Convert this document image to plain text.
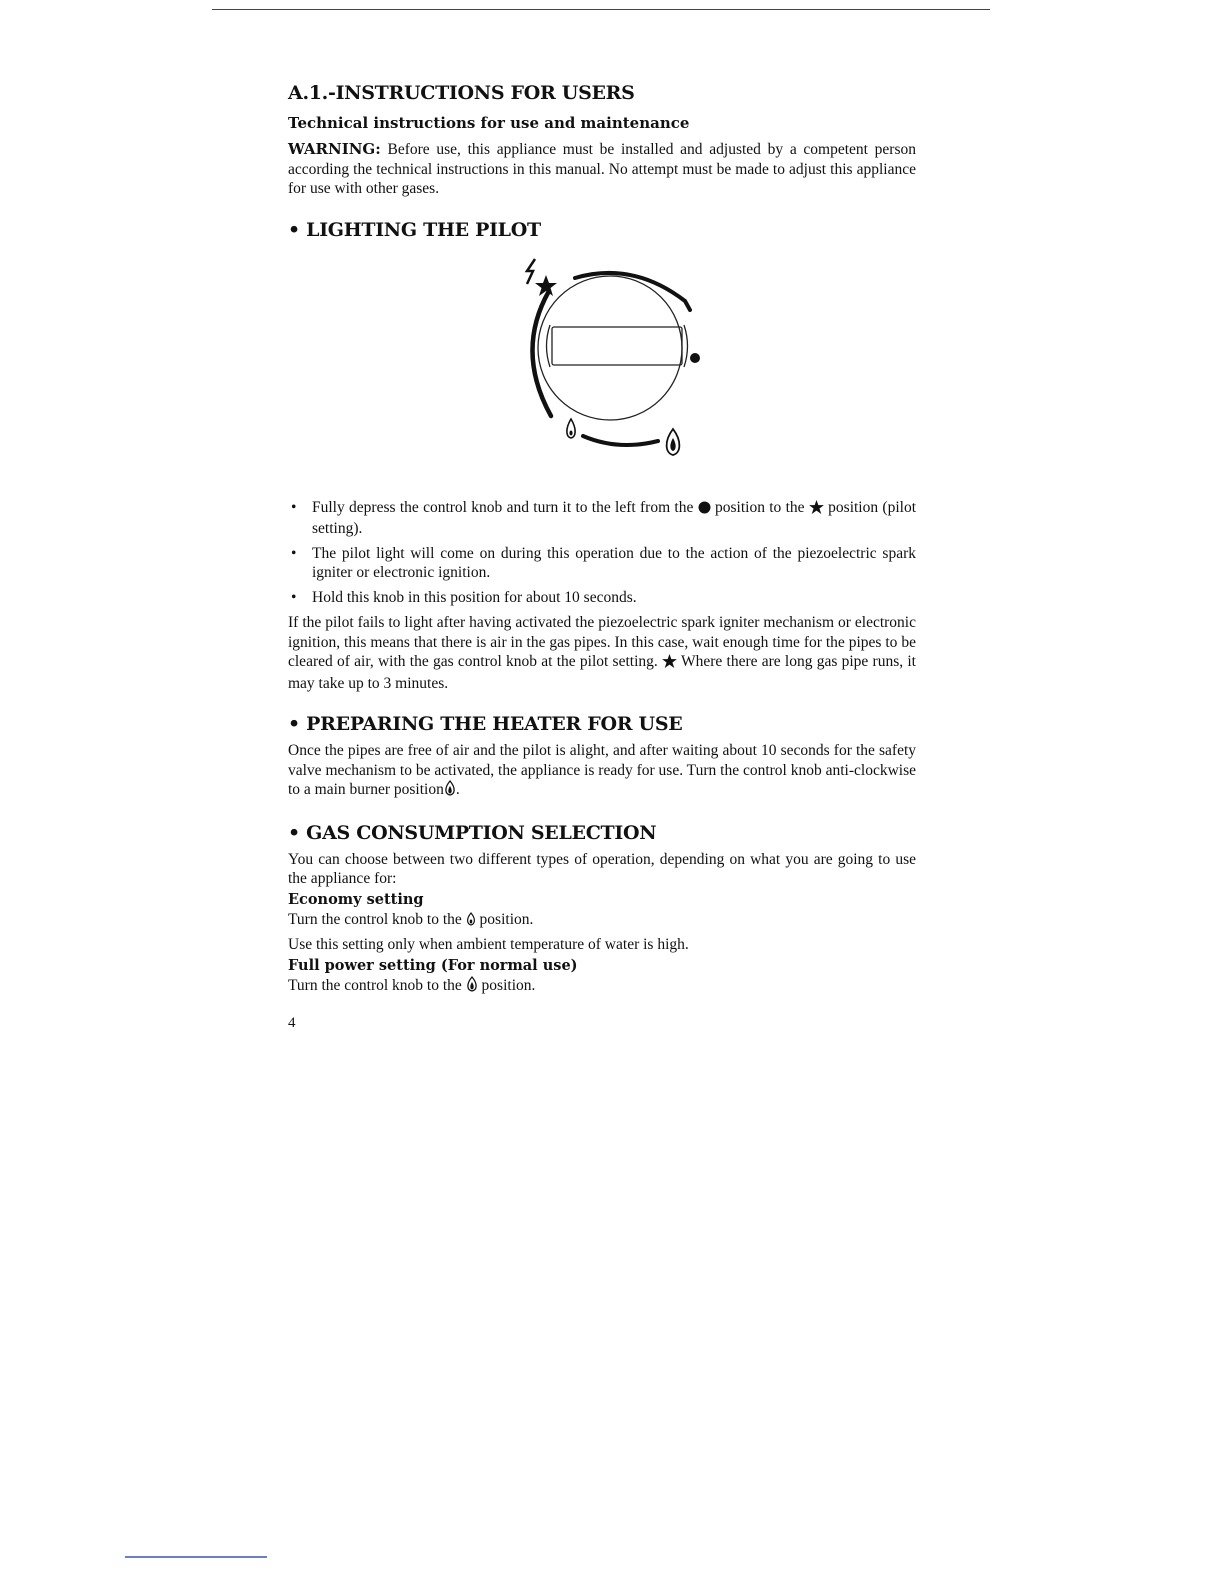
A.1.-INSTRUCTIONS FOR USERS
Technical instructions for use and maintenance

WARNING: Before use, this appliance must be installed and adjusted by a competent person according the technical instructions in this manual. No attempt must be made to adjust this appliance for use with other gases.

• LIGHTING THE PILOT
• Fully depress the control knob and turn it to the left from the  position to the  position (pilot setting).
• The pilot light will come on during this operation due to the action of the piezoelectric spark igniter or electronic ignition.
• Hold this knob in this position for about 10 seconds.

If the pilot fails to light after having activated the piezoelectric spark igniter mechanism or electronic ignition, this means that there is air in the gas pipes. In this case, wait enough time for the pipes to be cleared of air, with the gas control knob at the pilot setting.  Where there are long gas pipe runs, it may take up to 3 minutes.

• PREPARING THE HEATER FOR USE

Once the pipes are free of air and the pilot is alight, and after waiting about 10 seconds for the safety valve mechanism to be activated, the appliance is ready for use. Turn the control knob anti-clockwise to a main burner position .

• GAS CONSUMPTION SELECTION

You can choose between two different types of operation, depending on what you are going to use the appliance for:

Economy setting

Turn the control knob to the  position.

Use this setting only when ambient temperature of water is high.

Full power setting (For normal use)

Turn the control knob to the  position.

4
